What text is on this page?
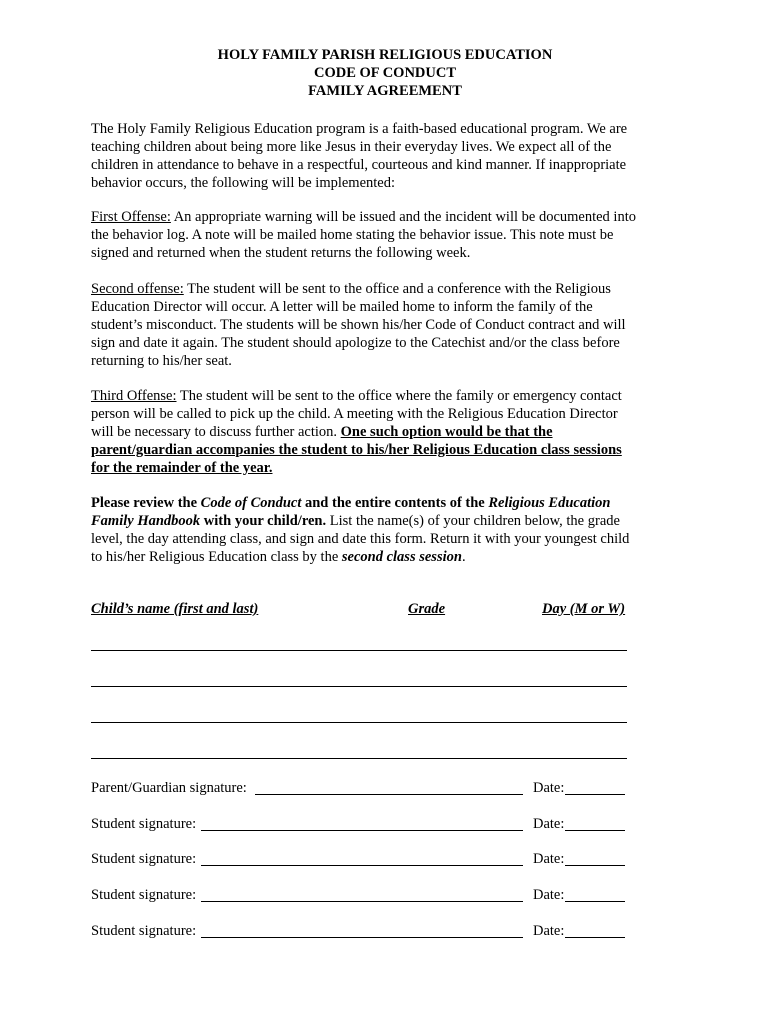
HOLY FAMILY PARISH RELIGIOUS EDUCATION
CODE OF CONDUCT
FAMILY AGREEMENT
The Holy Family Religious Education program is a faith-based educational program. We are teaching children about being more like Jesus in their everyday lives. We expect all of the children in attendance to behave in a respectful, courteous and kind manner. If inappropriate behavior occurs, the following will be implemented:
First Offense: An appropriate warning will be issued and the incident will be documented into the behavior log. A note will be mailed home stating the behavior issue. This note must be signed and returned when the student returns the following week.
Second offense: The student will be sent to the office and a conference with the Religious Education Director will occur. A letter will be mailed home to inform the family of the student’s misconduct. The students will be shown his/her Code of Conduct contract and will sign and date it again. The student should apologize to the Catechist and/or the class before returning to his/her seat.
Third Offense: The student will be sent to the office where the family or emergency contact person will be called to pick up the child. A meeting with the Religious Education Director will be necessary to discuss further action. One such option would be that the parent/guardian accompanies the student to his/her Religious Education class sessions for the remainder of the year.
Please review the Code of Conduct and the entire contents of the Religious Education Family Handbook with your child/ren. List the name(s) of your children below, the grade level, the day attending class, and sign and date this form. Return it with your youngest child to his/her Religious Education class by the second class session.
Child’s name (first and last)	Grade	Day (M or W)
Parent/Guardian signature:	Date:
Student signature:	Date:
Student signature:	Date:
Student signature:	Date:
Student signature:	Date:
